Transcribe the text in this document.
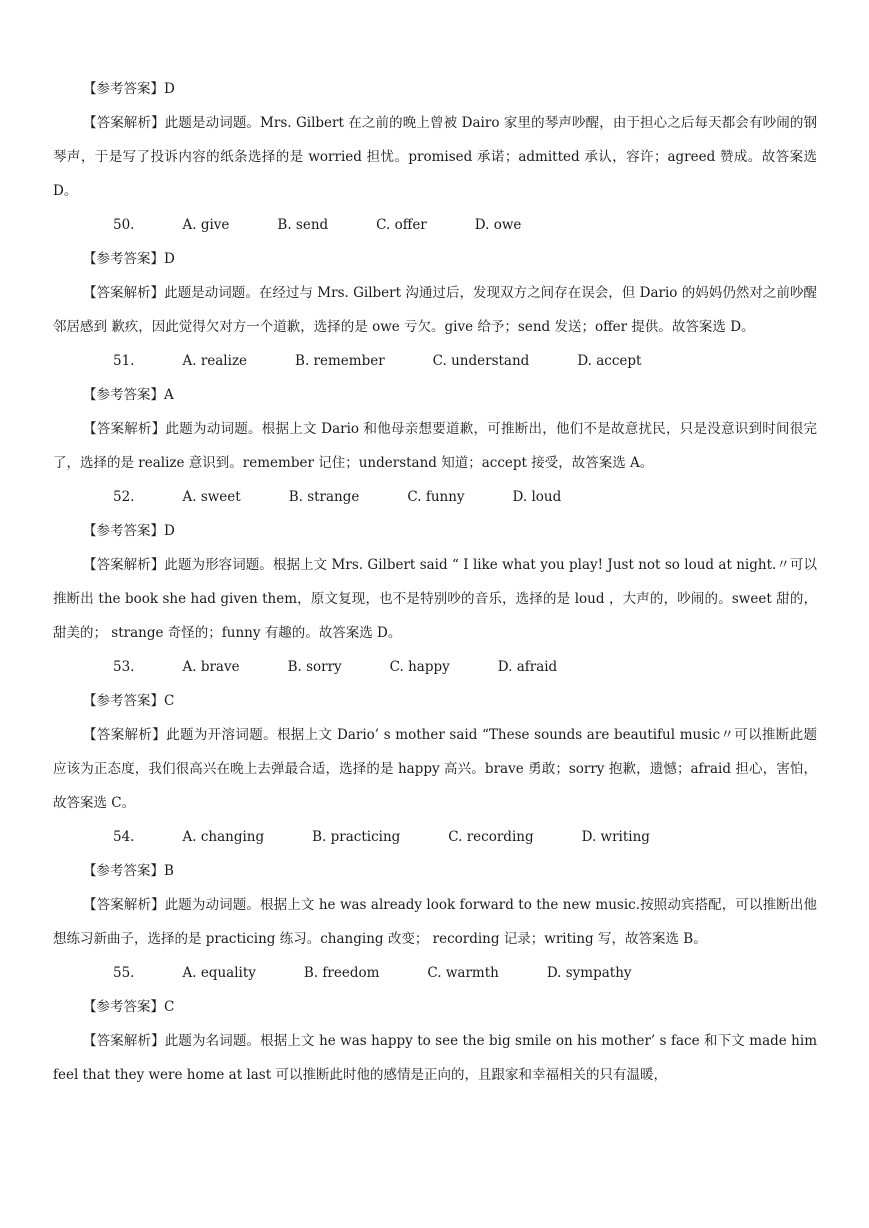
【参考答案】D

【答案解析】此题是动词题。Mrs. Gilbert 在之前的晚上曾被 Dairo 家里的琴声吵醒，由于担心之后每天都会有吵闹的钢琴声，于是写了投诉内容的纸条选择的是 worried 担忧。promised 承诺；admitted 承认，容许；agreed 赞成。故答案选 D。

50.	A. give	B. send	C. offer	D. owe

【参考答案】D

【答案解析】此题是动词题。在经过与 Mrs. Gilbert 沟通过后，发现双方之间存在误会，但 Dario 的妈妈仍然对之前吵醒邻居感到 歉疚，因此觉得欠对方一个道歉，选择的是 owe 亏欠。give 给予；send 发送；offer 提供。故答案选 D。

51.	A. realize	B. remember	C. understand	D. accept

【参考答案】A

【答案解析】此题为动词题。根据上文 Dario 和他母亲想要道歉，可推断出，他们不是故意扰民，只是没意识到时间很完了，选择的是 realize 意识到。remember 记住；understand 知道；accept 接受，故答案选 A。

52.	A. sweet	B. strange	C. funny	D. loud

【参考答案】D

【答案解析】此题为形容词题。根据上文 Mrs. Gilbert said “ I like what you play! Just not so loud at night.〃可以推断出 the book she had given them，原文复现，也不是特别吵的音乐，选择的是 loud ，大声的，吵闹的。sweet 甜的，甜美的； strange 奇怪的；funny 有趣的。故答案选 D。

53.	A. brave	B. sorry	C. happy	D. afraid

【参考答案】C

【答案解析】此题为开溶词题。根据上文 Dario’ s mother said “These sounds are beautiful music〃可以推断此题应该为正态度，我们很高兴在晚上去弹最合适，选择的是 happy 高兴。brave 勇敢；sorry 抱歉，遗憾；afraid 担心，害怕，故答案选 C。

54.	A. changing	B. practicing	C. recording	D. writing

【参考答案】B

【答案解析】此题为动词题。根据上文 he was already look forward to the new music.按照动宾搭配，可以推断出他想练习新曲子，选择的是 practicing 练习。changing 改变； recording 记录；writing 写，故答案选 B。

55.	A. equality	B. freedom	C. warmth	D. sympathy

【参考答案】C

【答案解析】此题为名词题。根据上文 he was happy to see the big smile on his mother’ s face 和下文 made him feel that they were home at last 可以推断此时他的感情是正向的，且跟家和幸福相关的只有温暖，
